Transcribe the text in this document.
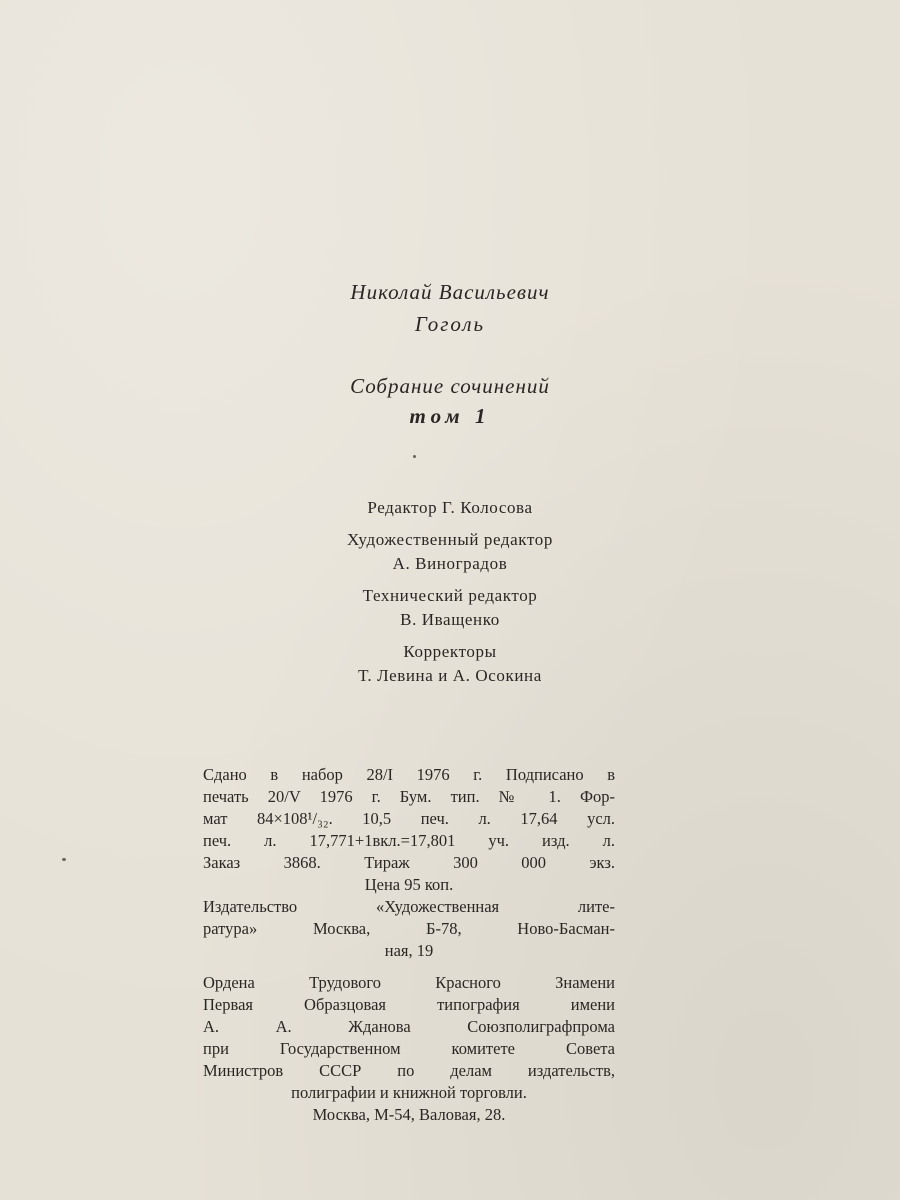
Николай Васильевич
Гоголь
Собрание сочинений
том 1
Редактор Г. Колосова
Художественный редактор
А. Виноградов
Технический редактор
В. Иващенко
Корректоры
Т. Левина и А. Осокина
Сдано в набор 28/I 1976 г. Подписано в
печать 20/V 1976 г. Бум. тип. № 1. Фор-
мат 84×108¹/₃₂. 10,5 печ. л. 17,64 усл.
печ. л. 17,771+1вкл.=17,801 уч. изд. л.
Заказ 3868. Тираж 300 000 экз.
Цена 95 коп.
Издательство «Художественная лите-
ратура» Москва, Б-78, Ново-Басман-
ная, 19
Ордена Трудового Красного Знамени
Первая Образцовая типография имени
А. А. Жданова Союзполиграфпрома
при Государственном комитете Совета
Министров СССР по делам издательств,
полиграфии и книжной торговли.
Москва, М-54, Валовая, 28.
